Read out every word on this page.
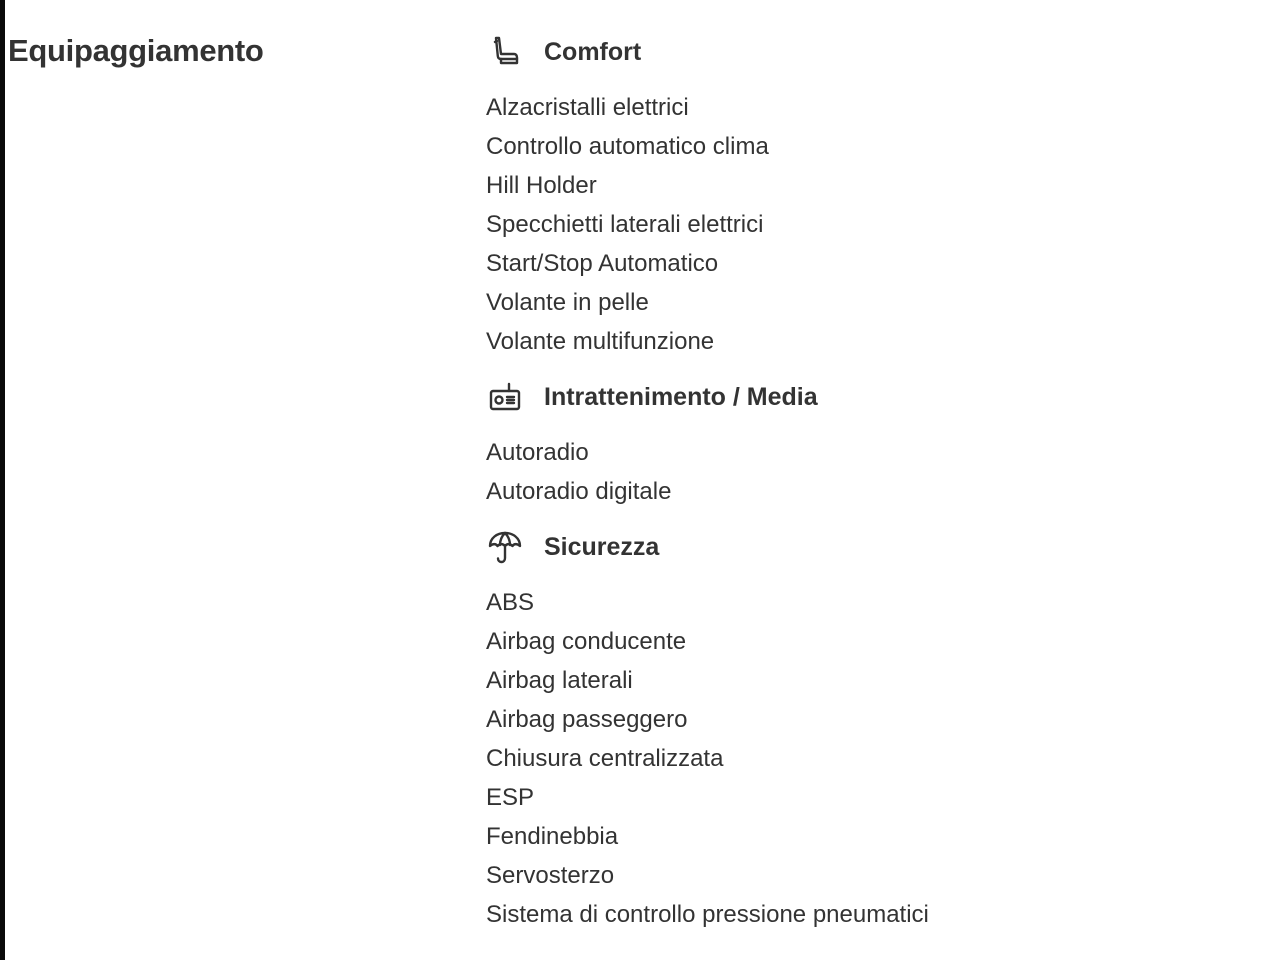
Equipaggiamento	Comfort
Alzacristalli elettrici
Controllo automatico clima
Hill Holder
Specchietti laterali elettrici
Start/Stop Automatico
Volante in pelle
Volante multifunzione
Intrattenimento / Media
Autoradio
Autoradio digitale
Sicurezza
ABS
Airbag conducente
Airbag laterali
Airbag passeggero
Chiusura centralizzata
ESP
Fendinebbia
Servosterzo
Sistema di controllo pressione pneumatici
